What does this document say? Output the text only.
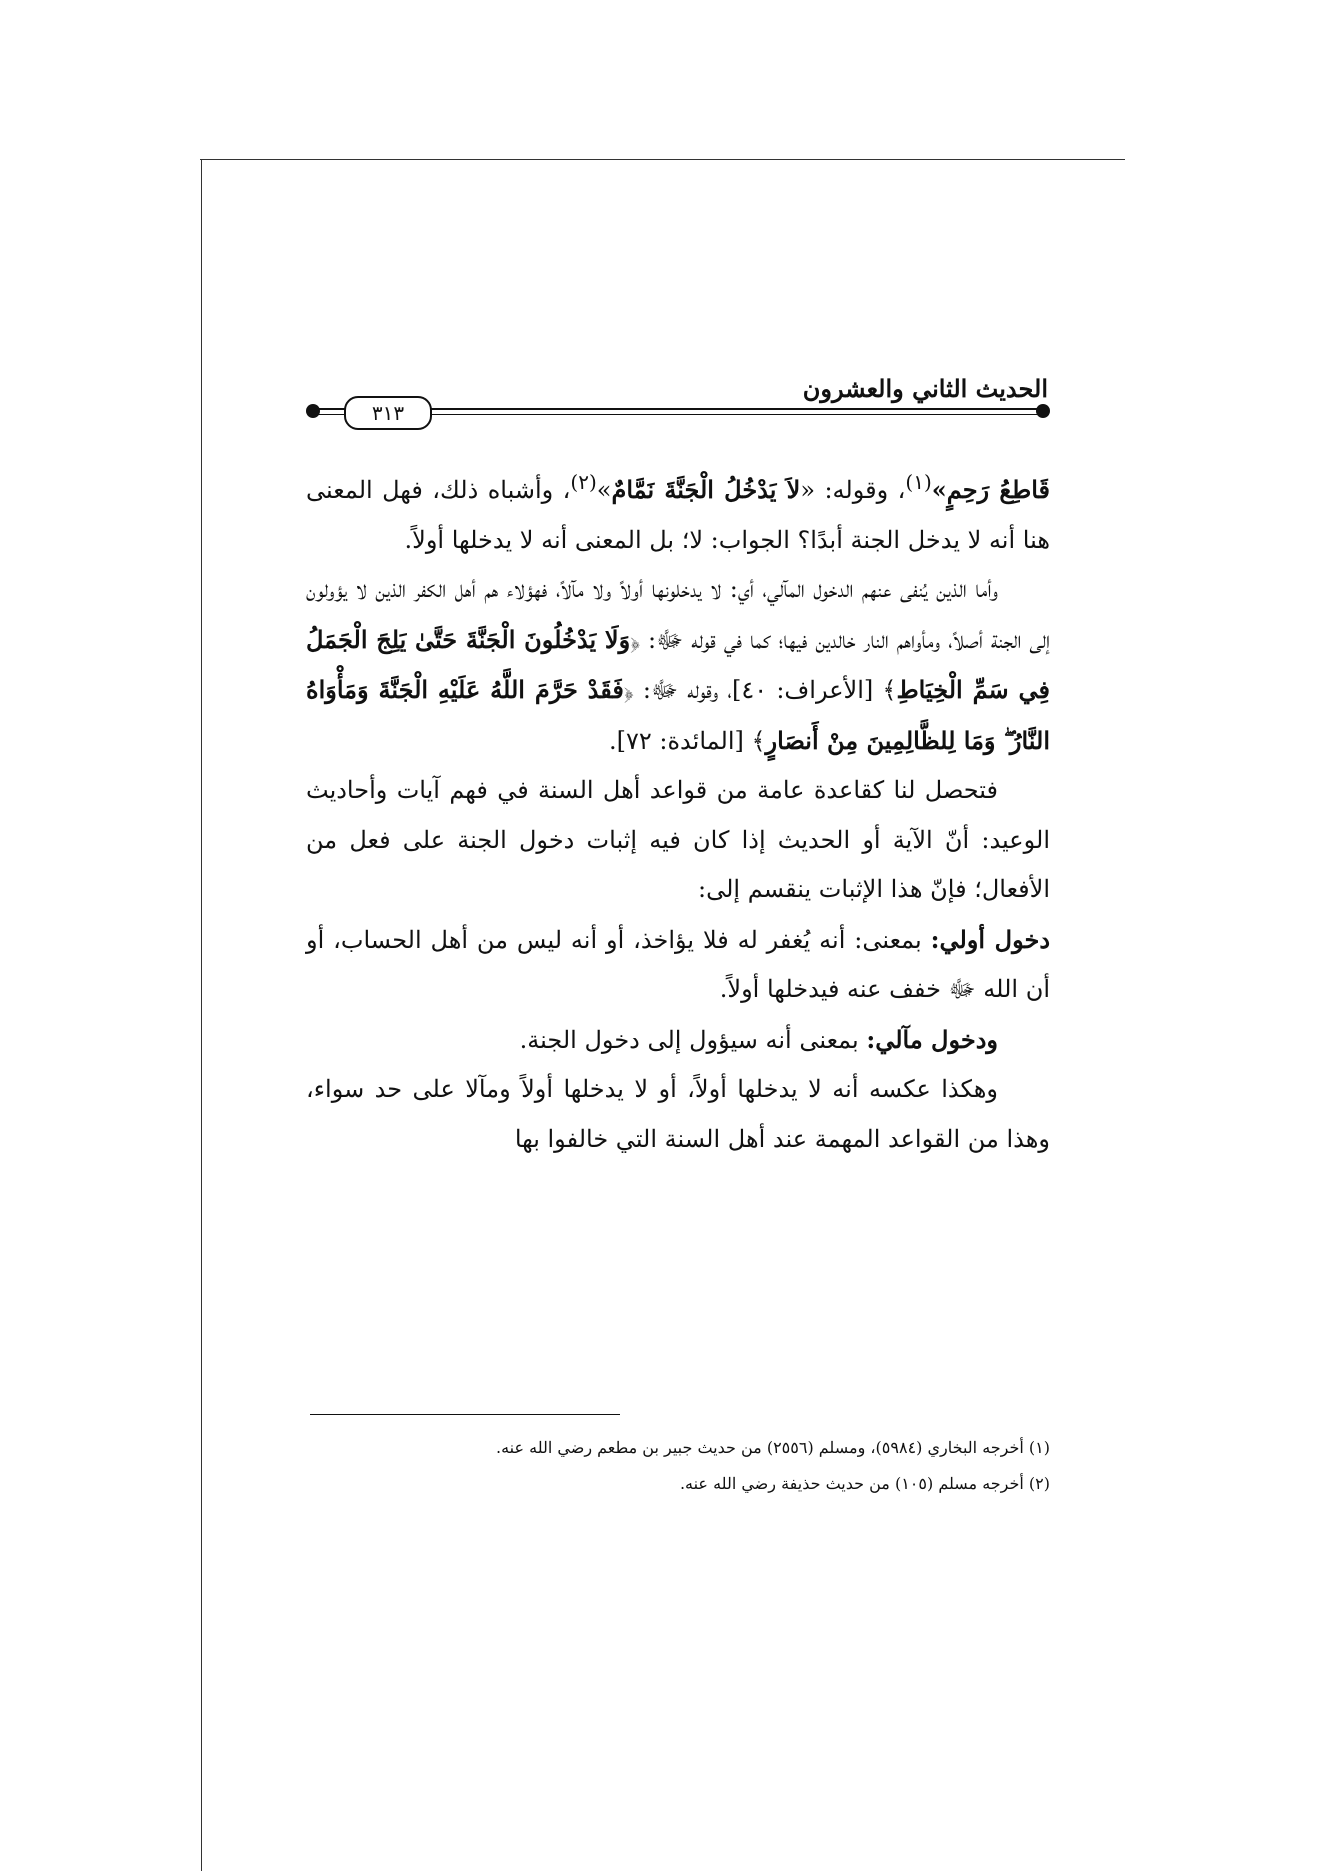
الحديث الثاني والعشرون
٣١٣

قَاطِعُ رَحِمٍ»$^{(١)}$، وقوله: «لاَ يَدْخُلُ الْجَنَّةَ نَمَّامٌ»$^{(٢)}$، وأشباه ذلك، فهل المعنى هنا أنه لا يدخل الجنة أبدًا؟ الجواب: لا؛ بل المعنى أنه لا يدخلها أولاً.

وأما الذين يُنفى عنهم الدخول المآلي، أي: لا يدخلونها أولاً ولا مآلاً، فهؤلاء هم أهل الكفر الذين لا يؤولون إلى الجنة أصلاً، ومأواهم النار خالدين فيها؛ كما في قوله ﷻ: ﴿وَلَا يَدْخُلُونَ الْجَنَّةَ حَتَّىٰ يَلِجَ الْجَمَلُ فِي سَمِّ الْخِيَاطِ﴾ [الأعراف: ٤٠]، وقوله ﷻ: ﴿فَقَدْ حَرَّمَ اللَّهُ عَلَيْهِ الْجَنَّةَ وَمَأْوَاهُ النَّارُ ۖ وَمَا لِلظَّالِمِينَ مِنْ أَنصَارٍ﴾ [المائدة: ٧٢].

فتحصل لنا كقاعدة عامة من قواعد أهل السنة في فهم آيات وأحاديث الوعيد: أنّ الآية أو الحديث إذا كان فيه إثبات دخول الجنة على فعل من الأفعال؛ فإنّ هذا الإثبات ينقسم إلى:

دخول أولي: بمعنى: أنه يُغفر له فلا يؤاخذ، أو أنه ليس من أهل الحساب، أو أن الله ﷻ خفف عنه فيدخلها أولاً.

ودخول مآلي: بمعنى أنه سيؤول إلى دخول الجنة.

وهكذا عكسه أنه لا يدخلها أولاً، أو لا يدخلها أولاً ومآلا على حد سواء، وهذا من القواعد المهمة عند أهل السنة التي خالفوا بها

(١) أخرجه البخاري (٥٩٨٤)، ومسلم (٢٥٥٦) من حديث جبير بن مطعم رضي الله عنه.

(٢) أخرجه مسلم (١٠٥) من حديث حذيفة رضي الله عنه.
